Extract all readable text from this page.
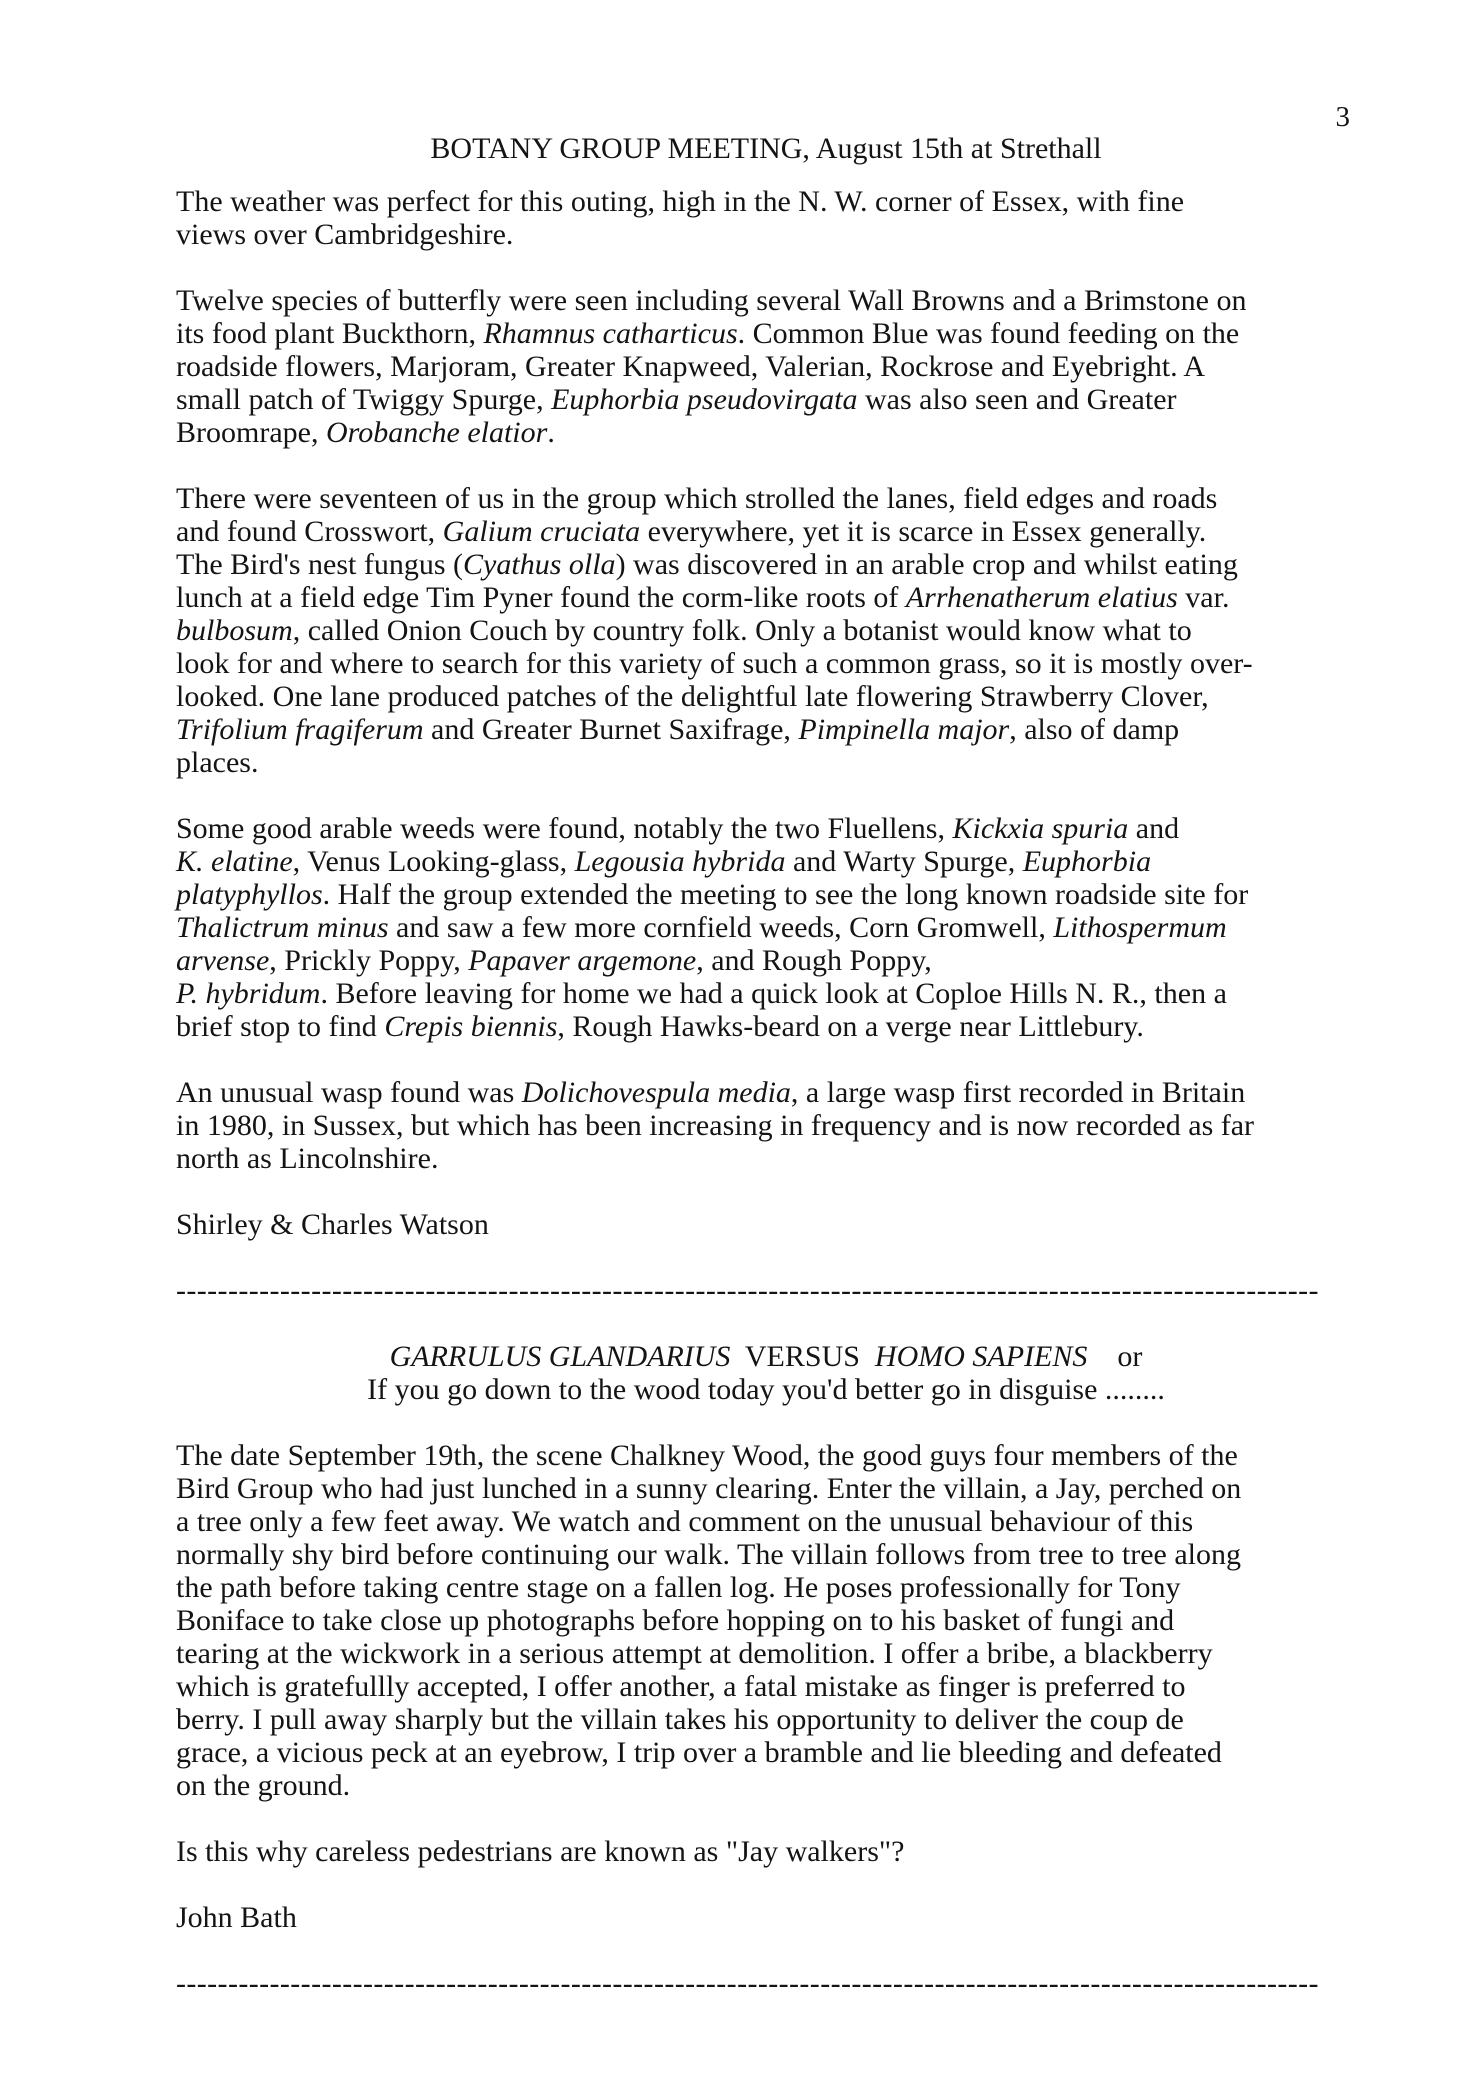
3
BOTANY GROUP MEETING, August 15th at Strethall
The weather was perfect for this outing, high in the N. W. corner of Essex, with fine
views over Cambridgeshire.
Twelve species of butterfly were seen including several Wall Browns and a Brimstone on
its food plant Buckthorn, Rhamnus catharticus. Common Blue was found feeding on the
roadside flowers, Marjoram, Greater Knapweed, Valerian, Rockrose and Eyebright. A
small patch of Twiggy Spurge, Euphorbia pseudovirgata was also seen and Greater
Broomrape, Orobanche elatior.
There were seventeen of us in the group which strolled the lanes, field edges and roads
and found Crosswort, Galium cruciata everywhere, yet it is scarce in Essex generally.
The Bird's nest fungus (Cyathus olla) was discovered in an arable crop and whilst eating
lunch at a field edge Tim Pyner found the corm-like roots of Arrhenatherum elatius var.
bulbosum, called Onion Couch by country folk. Only a botanist would know what to
look for and where to search for this variety of such a common grass, so it is mostly over-
looked. One lane produced patches of the delightful late flowering Strawberry Clover,
Trifolium fragiferum and Greater Burnet Saxifrage, Pimpinella major, also of damp
places.
Some good arable weeds were found, notably the two Fluellens, Kickxia spuria and
K. elatine, Venus Looking-glass, Legousia hybrida and Warty Spurge, Euphorbia
platyphyllos. Half the group extended the meeting to see the long known roadside site for
Thalictrum minus and saw a few more cornfield weeds, Corn Gromwell, Lithospermum
arvense, Prickly Poppy, Papaver argemone, and Rough Poppy,
P. hybridum. Before leaving for home we had a quick look at Coploe Hills N. R., then a
brief stop to find Crepis biennis, Rough Hawks-beard on a verge near Littlebury.
An unusual wasp found was Dolichovespula media, a large wasp first recorded in Britain
in 1980, in Sussex, but which has been increasing in frequency and is now recorded as far
north as Lincolnshire.
Shirley & Charles Watson
--------------------------------------------------------------------------------------------------------------
GARRULUS GLANDARIUS  VERSUS  HOMO SAPIENS    or
If you go down to the wood today you'd better go in disguise ........
The date September 19th, the scene Chalkney Wood, the good guys four members of the
Bird Group who had just lunched in a sunny clearing. Enter the villain, a Jay, perched on
a tree only a few feet away. We watch and comment on the unusual behaviour of this
normally shy bird before continuing our walk. The villain follows from tree to tree along
the path before taking centre stage on a fallen log. He poses professionally for Tony
Boniface to take close up photographs before hopping on to his basket of fungi and
tearing at the wickwork in a serious attempt at demolition. I offer a bribe, a blackberry
which is gratefullly accepted, I offer another, a fatal mistake as finger is preferred to
berry. I pull away sharply but the villain takes his opportunity to deliver the coup de
grace, a vicious peck at an eyebrow, I trip over a bramble and lie bleeding and defeated
on the ground.
Is this why careless pedestrians are known as "Jay walkers"?
John Bath
--------------------------------------------------------------------------------------------------------------
